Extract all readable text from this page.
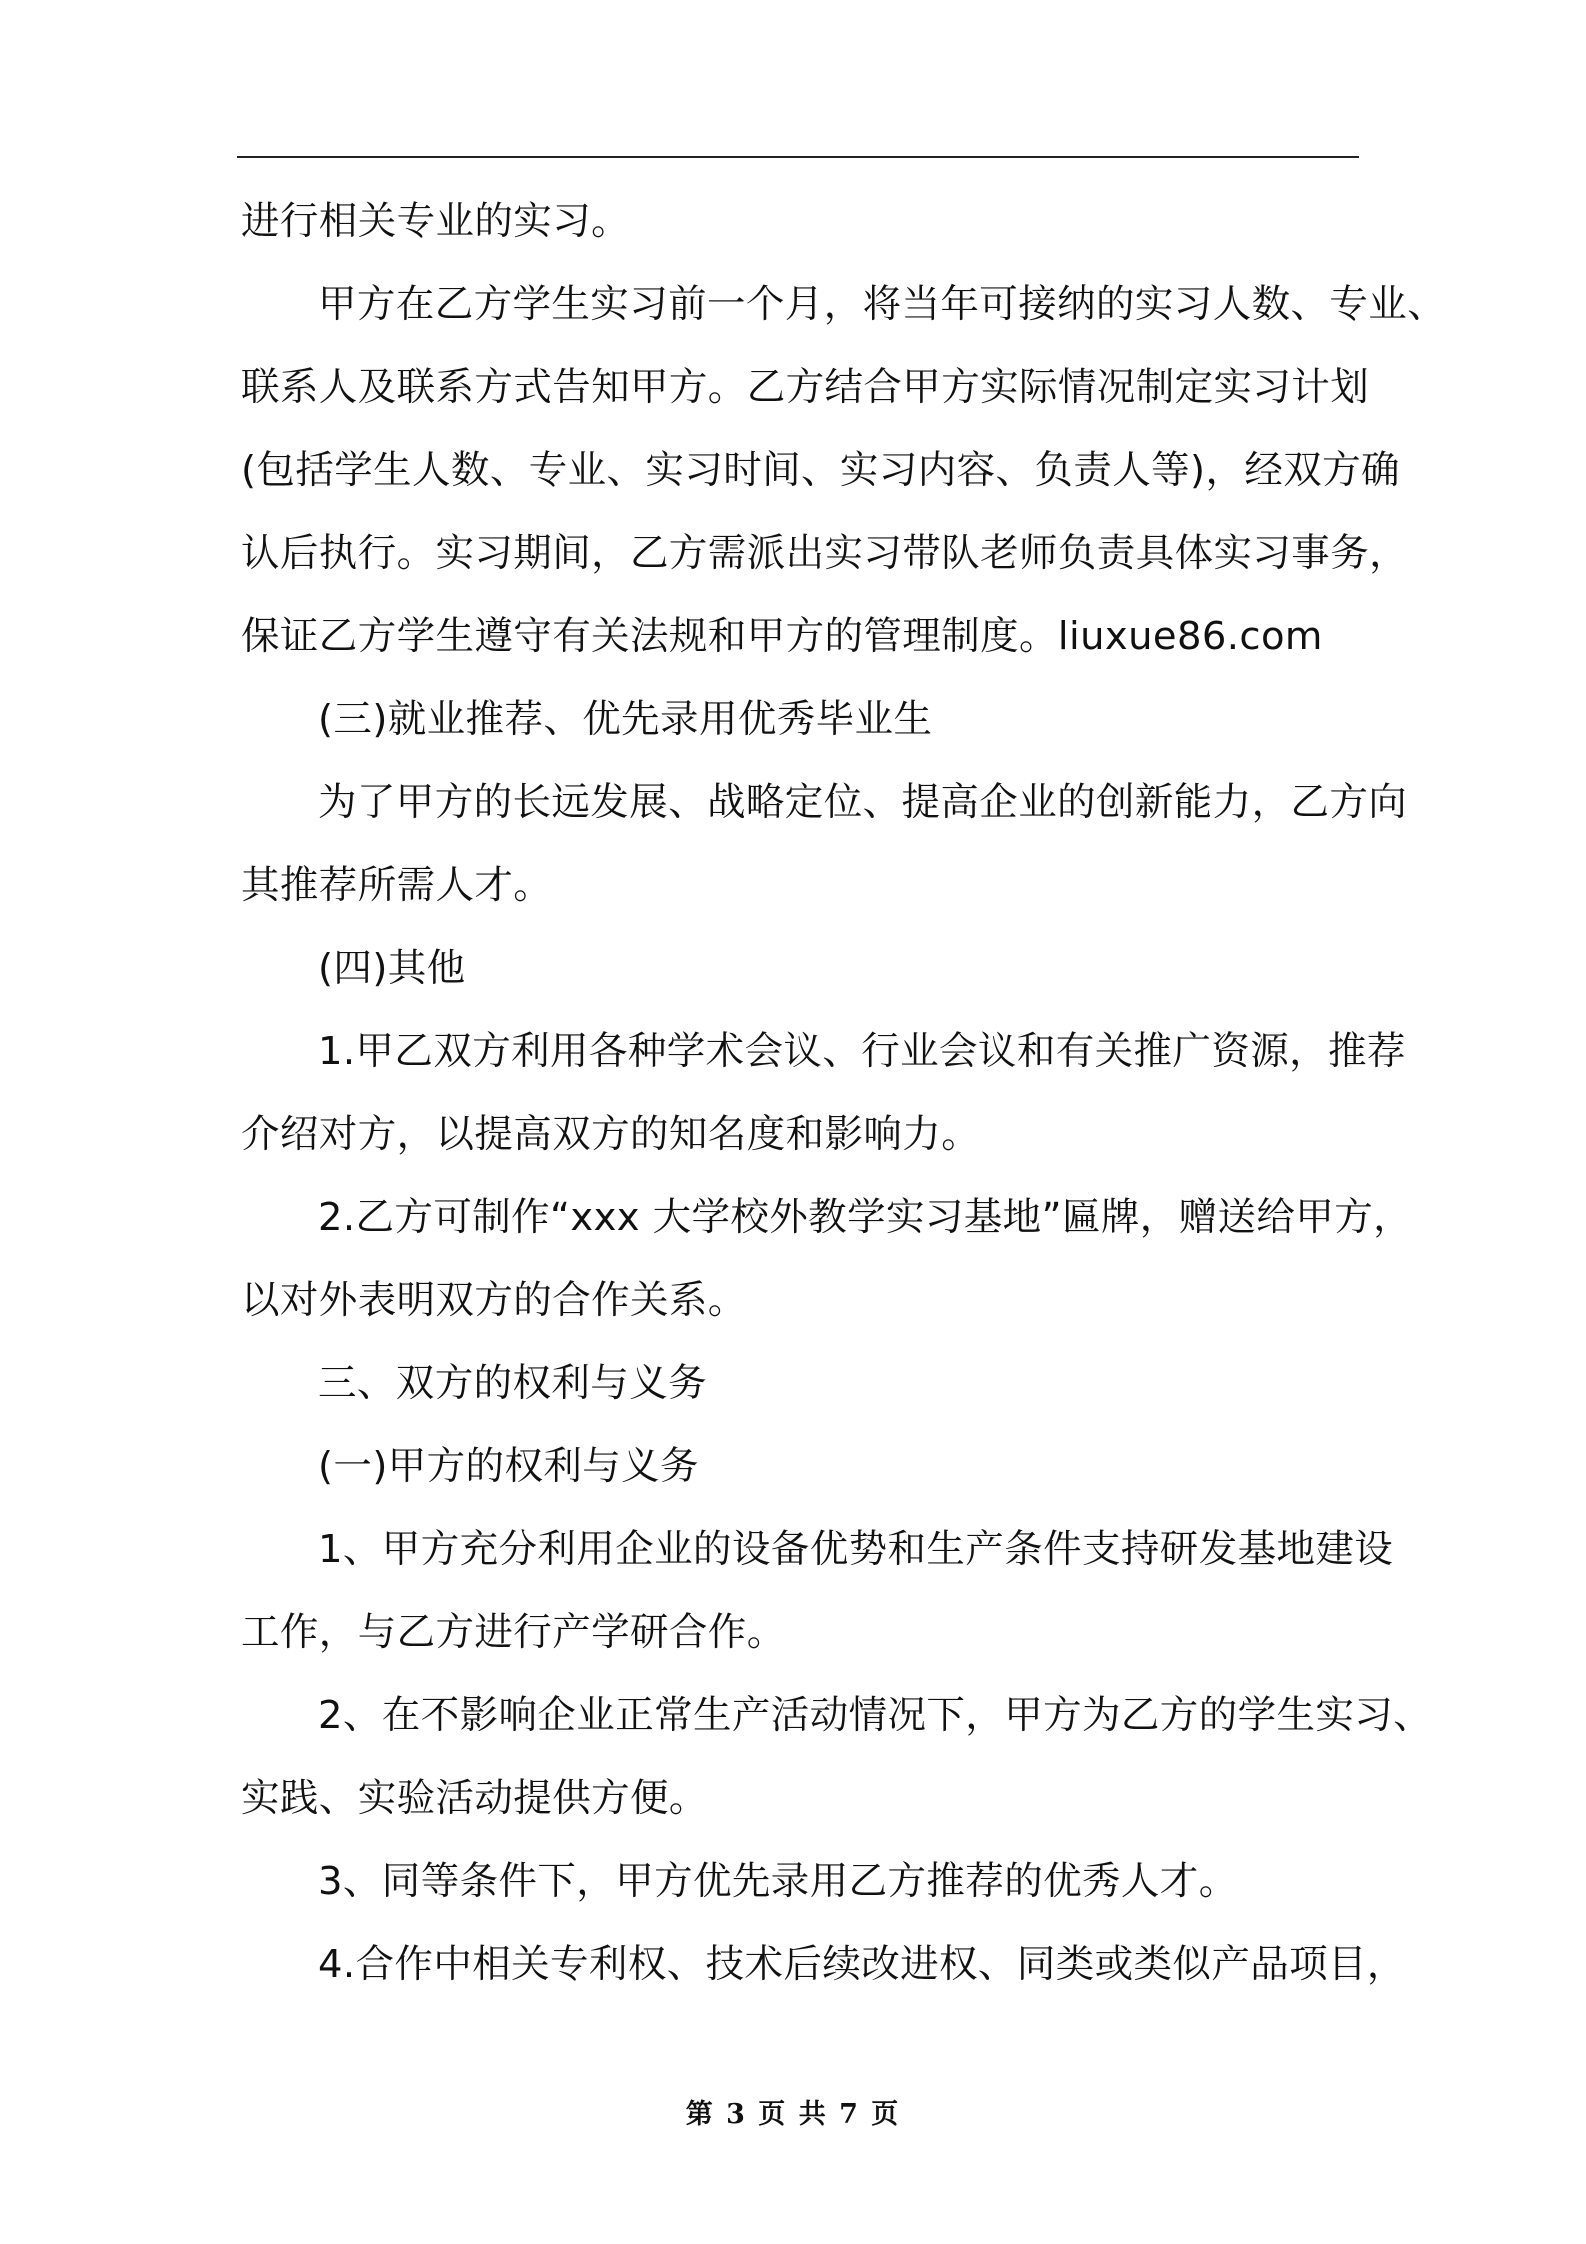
进行相关专业的实习。
甲方在乙方学生实习前一个月，将当年可接纳的实习人数、专业、
联系人及联系方式告知甲方。乙方结合甲方实际情况制定实习计划
(包括学生人数、专业、实习时间、实习内容、负责人等)，经双方确
认后执行。实习期间，乙方需派出实习带队老师负责具体实习事务，
保证乙方学生遵守有关法规和甲方的管理制度。liuxue86.com
(三)就业推荐、优先录用优秀毕业生
为了甲方的长远发展、战略定位、提高企业的创新能力，乙方向
其推荐所需人才。
(四)其他
1.甲乙双方利用各种学术会议、行业会议和有关推广资源，推荐
介绍对方，以提高双方的知名度和影响力。
2.乙方可制作“xxx 大学校外教学实习基地”匾牌，赠送给甲方，
以对外表明双方的合作关系。
三、双方的权利与义务
(一)甲方的权利与义务
1、甲方充分利用企业的设备优势和生产条件支持研发基地建设
工作，与乙方进行产学研合作。
2、在不影响企业正常生产活动情况下，甲方为乙方的学生实习、
实践、实验活动提供方便。
3、同等条件下，甲方优先录用乙方推荐的优秀人才。
4.合作中相关专利权、技术后续改进权、同类或类似产品项目，
第 3 页 共 7 页
